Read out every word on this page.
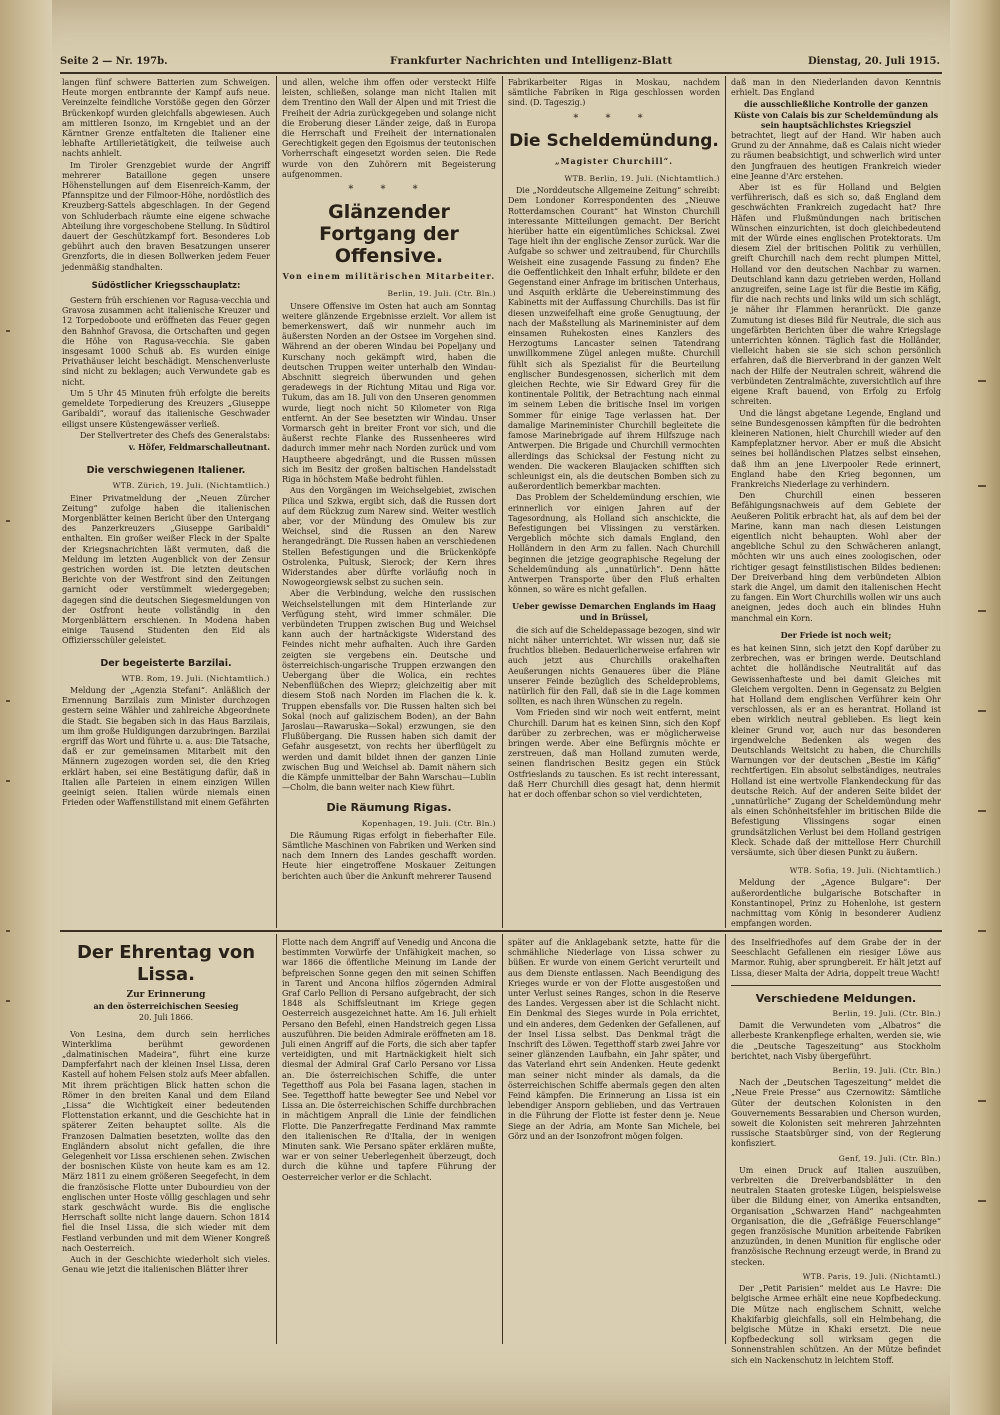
Seite 2 — Nr. 197b.	Frankfurter Nachrichten und Intelligenz-Blatt	Dienstag, 20. Juli 1915.

langen fünf schwere Batterien zum Schweigen. Heute morgen entbrannte der Kampf aufs neue. Vereinzelte feindliche Vorstöße gegen den Görzer Brückenkopf wurden gleichfalls abgewiesen. Auch am mittleren Isonzo, im Krngebiet und an der Kärntner Grenze entfalteten die Italiener eine lebhafte Artillerietätigkeit, die teilweise auch nachts anhielt.

Im Tiroler Grenzgebiet wurde der Angriff mehrerer Bataillone gegen unsere Höhenstellungen auf dem Eisenreich-Kamm, der Pfannspitze und der Filmoor-Höhe, nordöstlich des Kreuzberg-Sattels abgeschlagen. In der Gegend von Schluderbach räumte eine eigene schwache Abteilung ihre vorgeschobene Stellung. In Südtirol dauert der Geschützkampf fort. Besonderes Lob gebührt auch den braven Besatzungen unserer Grenzforts, die in diesen Bollwerken jedem Feuer jedenmäßig standhalten.

Südöstlicher Kriegsschauplatz:

Gestern früh erschienen vor Ragusa-vecchia und Gravosa zusammen acht italienische Kreuzer und 12 Torpedoboote und eröffneten das Feuer gegen den Bahnhof Gravosa, die Ortschaften und gegen die Höhe von Ragusa-vecchia. Sie gaben insgesamt 1000 Schuß ab. Es wurden einige Privathäuser leicht beschädigt. Menschenverluste sind nicht zu beklagen; auch Verwundete gab es nicht.

Um 5 Uhr 45 Minuten früh erfolgte die bereits gemeldete Torpedierung des Kreuzers „Giuseppe Garibaldi“, worauf das italienische Geschwader eiligst unsere Küstengewässer verließ.

Der Stellvertreter des Chefs des Generalstabs:

v. Höfer, Feldmarschalleutnant.

Die verschwiegenen Italiener.
WTB. Zürich, 19. Juli. (Nichtamtlich.)

Einer Privatmeldung der „Neuen Zürcher Zeitung“ zufolge haben die italienischen Morgenblätter keinen Bericht über den Untergang des Panzerkreuzers „Giuseppe Garibaldi“ enthalten. Ein großer weißer Fleck in der Spalte der Kriegsnachrichten läßt vermuten, daß die Meldung im letzten Augenblick von der Zensur gestrichen worden ist. Die letzten deutschen Berichte von der Westfront sind den Zeitungen garnicht oder verstümmelt wiedergegeben; dagegen sind die deutschen Siegesmeldungen von der Ostfront heute vollständig in den Morgenblättern erschienen. In Modena haben einige Tausend Studenten den Eid als Offiziersschüler geleistet.

Der begeisterte Barzilai.
WTB. Rom, 19. Juli. (Nichtamtlich.)

Meldung der „Agenzia Stefani“. Anläßlich der Ernennung Barzilais zum Minister durchzogen gestern seine Wähler und zahlreiche Abgeordnete die Stadt. Sie begaben sich in das Haus Barzilais, um ihm große Huldigungen darzubringen. Barzilai ergriff das Wort und führte u. a. aus: Die Tatsache, daß er zur gemeinsamen Mitarbeit mit den Männern zugezogen worden sei, die den Krieg erklärt haben, sei eine Bestätigung dafür, daß in Italien alle Parteien in einem einzigen Willen geeinigt seien. Italien würde niemals einen Frieden oder Waffenstillstand mit einem Gefährten

und allen, welche ihm offen oder versteckt Hilfe leisten, schließen, solange man nicht Italien mit dem Trentino den Wall der Alpen und mit Triest die Freiheit der Adria zurückgegeben und solange nicht die Eroberung dieser Länder zeige, daß in Europa die Herrschaft und Freiheit der internationalen Gerechtigkeit gegen den Egoismus der teutonischen Vorherrschaft eingesetzt worden seien. Die Rede wurde von den Zuhörern mit Begeisterung aufgenommen.

* * *
Glänzender Fortgang der Offensive.
Von einem militärischen Mitarbeiter.
Berlin, 19. Juli. (Ctr. Bln.)

Unsere Offensive im Osten hat auch am Sonntag weitere glänzende Ergebnisse erzielt. Vor allem ist bemerkenswert, daß wir nunmehr auch im äußersten Norden an der Ostsee im Vorgehen sind. Während an der oberen Windau bei Popeljany und Kurschany noch gekämpft wird, haben die deutschen Truppen weiter unterhalb den Windau-Abschnitt siegreich überwunden und gehen geradewegs in der Richtung Mitau und Riga vor. Tukum, das am 18. Juli von den Unseren genommen wurde, liegt noch nicht 50 Kilometer von Riga entfernt. An der See besetzten wir Windau. Unser Vormarsch geht in breiter Front vor sich, und die äußerst rechte Flanke des Russenheeres wird dadurch immer mehr nach Norden zurück und vom Hauptheere abgedrängt, und die Russen müssen sich im Besitz der großen baltischen Handelsstadt Riga in höchstem Maße bedroht fühlen.

Aus den Vorgängen im Weichselgebiet, zwischen Pilica und Szkwa, ergibt sich, daß die Russen dort auf dem Rückzug zum Narew sind. Weiter westlich aber, vor der Mündung des Omulew bis zur Weichsel, sind die Russen an den Narew herangedrängt. Die Russen haben an verschiedenen Stellen Befestigungen und die Brückenköpfe Ostrolenka, Pultusk, Sierock; der Kern ihres Widerstandes aber dürfte vorläufig noch in Nowogeorgiewsk selbst zu suchen sein.

Aber die Verbindung, welche den russischen Weichselstellungen mit dem Hinterlande zur Verfügung steht, wird immer schmäler. Die verbündeten Truppen zwischen Bug und Weichsel kann auch der hartnäckigste Widerstand des Feindes nicht mehr aufhalten. Auch ihre Garden zeigten sie vergebens ein. Deutsche und österreichisch-ungarische Truppen erzwangen den Uebergang über die Wolica, ein rechtes Nebenflüßchen des Wieprz; gleichzeitig aber mit diesem Stoß nach Norden im Flachen die k. k. Truppen ebensfalls vor. Die Russen halten sich bei Sokal (noch auf galizischem Boden), an der Bahn Jaroslau—Rawaruska—Sokal) erzwungen, sie den Flußübergang. Die Russen haben sich damit der Gefahr ausgesetzt, von rechts her überflügelt zu werden und damit bildet ihnen der ganzen Linie zwischen Bug und Weichsel ab. Damit nähern sich die Kämpfe unmittelbar der Bahn Warschau—Lublin—Cholm, die bann weiter nach Kiew führt.

Die Räumung Rigas.
Kopenhagen, 19. Juli. (Ctr. Bln.)

Die Räumung Rigas erfolgt in fieberhafter Eile. Sämtliche Maschinen von Fabriken und Werken sind nach dem Innern des Landes geschafft worden. Heute hier eingetroffene Moskauer Zeitungen berichten auch über die Ankunft mehrerer Tausend

Fabrikarbeiter Rigas in Moskau, nachdem sämtliche Fabriken in Riga geschlossen worden sind. (D. Tageszig.)

* * *
Die Scheldemündung.
„Magister Churchill“.
WTB. Berlin, 19. Juli. (Nichtamtlich.)

Die „Norddeutsche Allgemeine Zeitung“ schreibt: Dem Londoner Korrespondenten des „Nieuwe Rotterdamschen Courant“ hat Winston Churchill interessante Mitteilungen gemacht. Der Bericht hierüber hatte ein eigentümliches Schicksal. Zwei Tage hielt ihn der englische Zensor zurück. War die Aufgabe so schwer und zeitraubend, für Churchills Weisheit eine zusagende Fassung zu finden? Ehe die Oeffentlichkeit den Inhalt erfuhr, bildete er den Gegenstand einer Anfrage im britischen Unterhaus, und Asquith erklärte die Uebereinstimmung des Kabinetts mit der Auffassung Churchills. Das ist für diesen unzweifelhaft eine große Genugtuung, der nach der Maßstellung als Marineminister auf dem einsamen Ruhekosten eines Kanzlers des Herzogtums Lancaster seinen Tatendrang unwillkommene Zügel anlegen mußte. Churchill fühlt sich als Spezialist für die Beurteilung englischer Bundesgenossen, sicherlich mit dem gleichen Rechte, wie Sir Edward Grey für die kontinentale Politik, der Betrachtung nach einmal im seinem Leben die britische Insel im vorigen Sommer für einige Tage verlassen hat. Der damalige Marineminister Churchill begleitete die famose Marinebrigade auf ihrem Hilfszuge nach Antwerpen. Die Brigade und Churchill vermochten allerdings das Schicksal der Festung nicht zu wenden. Die wackeren Blaujacken schifften sich schleunigst ein, als die deutschen Bomben sich zu außerordentlich bemerkbar machten.

Das Problem der Scheldemündung erschien, wie erinnerlich vor einigen Jahren auf der Tagesordnung, als Holland sich anschickte, die Befestigungen bei Vlissingen zu verstärken. Vergeblich möchte sich damals England, den Holländern in den Arm zu fallen. Nach Churchill beginnen die jetzige geographische Regelung der Scheldemündung als „unnatürlich“. Denn hätte Antwerpen Transporte über den Fluß erhalten können, so wäre es nicht gefallen.

Ueber gewisse Demarchen Englands im Haag und in Brüssel,

die sich auf die Scheldepassage bezogen, sind wir nicht näher unterrichtet. Wir wissen nur, daß sie fruchtlos blieben. Bedauerlicherweise erfahren wir auch jetzt aus Churchills orakelhaften Aeußerungen nichts Genaueres über die Pläne unserer Feinde bezüglich des Scheldeproblems, natürlich für den Fall, daß sie in die Lage kommen sollten, es nach ihren Wünschen zu regeln.

Vom Frieden sind wir noch weit entfernt, meint Churchill. Darum hat es keinen Sinn, sich den Kopf darüber zu zerbrechen, was er möglicherweise bringen werde. Aber eine Befürgnis möchte er zerstreuen, daß man Holland zumuten werde, seinen flandrischen Besitz gegen ein Stück Ostfrieslands zu tauschen. Es ist recht interessant, daß Herr Churchill dies gesagt hat, denn hiermit hat er doch offenbar schon so viel verdichteten,

daß man in den Niederlanden davon Kenntnis erhielt. Das England

die ausschließliche Kontrolle der ganzen Küste von Calais bis zur Scheldemündung als sein hauptsächlichstes Kriegsziel

betrachtet, liegt auf der Hand. Wir haben auch Grund zu der Annahme, daß es Calais nicht wieder zu räumen beabsichtigt, und schwerlich wird unter den Jungfrauen des heutigen Frankreich wieder eine Jeanne d'Arc erstehen.

Aber ist es für Holland und Belgien verführerisch, daß es sich so, daß England dem geschwächten Frankreich zugedacht hat? Ihre Häfen und Flußmündungen nach britischen Wünschen einzurichten, ist doch gleichbedeutend mit der Würde eines englischen Protektorats. Um diesem Ziel der britischen Politik zu verhüllen, greift Churchill nach dem recht plumpen Mittel, Holland vor den deutschen Nachbar zu warnen. Deutschland kann dazu getrieben werden, Holland anzugreifen, seine Lage ist für die Bestie im Käfig, für die nach rechts und links wild um sich schlägt, je näher ihr Flammen heranrückt. Die ganze Zumutung ist dieses Bild für Neutrale, die sich aus ungefärbten Berichten über die wahre Kriegslage unterrichten können. Täglich fast die Holländer, vielleicht haben sie sie sich schon persönlich erfahren, daß die Bierverbrand in der ganzen Welt nach der Hilfe der Neutralen schreit, während die verbündeten Zentralmächte, zuversichtlich auf ihre eigene Kraft bauend, von Erfolg zu Erfolg schreiten.

Und die längst abgetane Legende, England und seine Bundesgenossen kämpften für die bedrohten kleineren Nationen, hielt Churchill wieder auf den Kampfeplatzner hervor. Aber er muß die Absicht seines bei holländischen Platzes selbst einsehen, daß ihm an jene Liverpooler Rede erinnert, England habe den Krieg begonnen, um Frankreichs Niederlage zu verhindern.

Den Churchill einen besseren Befähigungsnachweis auf dem Gebiete der Aeußeren Politik erbracht hat, als auf dem bei der Marine, kann man nach diesen Leistungen eigentlich nicht behaupten. Wohl aber der angebliche Schul zu den Schwächeren anlangt, möchten wir uns auch eines zoologischen, oder richtiger gesagt feinstilistischen Bildes bedienen: Der Dreiverband hing dem verbündeten Albion stark die Angel, um damit den italienischen Hecht zu fangen. Ein Wort Churchills wollen wir uns auch aneignen, jedes doch auch ein blindes Huhn manchmal ein Korn.

Der Friede ist noch weit;

es hat keinen Sinn, sich jetzt den Kopf darüber zu zerbrechen, was er bringen werde. Deutschland achtet die holländische Neutralität auf das Gewissenhafteste und bei damit Gleiches mit Gleichem vergolten. Denn in Gegensatz zu Belgien hat Holland dem englischen Verführer kein Ohr verschlossen, als er an es herantrat. Holland ist eben wirklich neutral geblieben. Es liegt kein kleiner Grund vor, auch nur das besonderen irgendwelche Bedenken als wegen des Deutschlands Weitsicht zu haben, die Churchills Warnungen vor der deutschen „Bestie im Käfig“ rechtfertigen. Ein absolut selbständiges, neutrales Holland ist eine wertvolle Flankendeckung für das deutsche Reich. Auf der anderen Seite bildet der „unnatürliche“ Zugang der Scheldemündung mehr als einen Schönheitsfehler im britischen Bilde die Befestigung Vlissingens sogar einen grundsätzlichen Verlust bei dem Holland gestrigen Kleck. Schade daß der mittellose Herr Churchill versäumte, sich über diesen Punkt zu äußern.

WTB. Sofia, 19. Juli. (Nichtamtlich.)

Meldung der „Agence Bulgare“: Der außerordentliche bulgarische Botschafter in Konstantinopel, Prinz zu Hohenlohe, ist gestern nachmittag vom König in besonderer Audienz empfangen worden.

Der Ehrentag von Lissa.
Zur Erinnerung
an den österreichischen Seesieg
20. Juli 1866.

Von Lesina, dem durch sein herrliches Winterklima berühmt gewordenen „dalmatinischen Madeira“, führt eine kurze Dampferfahrt nach der kleinen Insel Lissa, deren Kastell auf hohem Felsen stolz aufs Meer abfallen. Mit ihrem prächtigen Blick hatten schon die Römer in den breiten Kanal und dem Eiland „Lissa“ die Wichtigkeit einer bedeutenden Flottenstation erkannt, und die Geschichte hat in späterer Zeiten behauptet sollte. Als die Franzosen Dalmatien besetzten, wollte das den Engländern absolut nicht gefallen, die ihre Gelegenheit vor Lissa erschienen sehen. Zwischen der bosnischen Küste von heute kam es am 12. März 1811 zu einem größeren Seegefecht, in dem die französische Flotte unter Dubourdieu von der englischen unter Hoste völlig geschlagen und sehr stark geschwächt wurde. Bis die englische Herrschaft sollte nicht lange dauern. Schon 1814 fiel die Insel Lissa, die sich wieder mit dem Festland verbunden und mit dem Wiener Kongreß nach Oesterreich.

Auch in der Geschichte wiederholt sich vieles. Genau wie jetzt die italienischen Blätter ihrer

Flotte nach dem Angriff auf Venedig und Ancona die bestimmten Vorwürfe der Unfähigkeit machen, so war 1866 die öffentliche Meinung im Lande der befpreischen Sonne gegen den mit seinen Schiffen in Tarent und Ancona hilflos zögernden Admiral Graf Carlo Pellion di Persano aufgebracht, der sich 1848 als Schiffsleutnant im Kriege gegen Oesterreich ausgezeichnet hatte. Am 16. Juli erhielt Persano den Befehl, einen Handstreich gegen Lissa auszuführen. Die beiden Admirale eröffneten am 18. Juli einen Angriff auf die Forts, die sich aber tapfer verteidigten, und mit Hartnäckigkeit hielt sich diesmal der Admiral Graf Carlo Persano vor Lissa an. Die österreichischen Schiffe, die unter Tegetthoff aus Pola bei Fasana lagen, stachen in See. Tegetthoff hatte bewegter See und Nebel vor Lissa an. Die österreichischen Schiffe durchbrachen in mächtigem Anprall die Linie der feindlichen Flotte. Die Panzerfregatte Ferdinand Max rammte den italienischen Re d'Italia, der in wenigen Minuten sank. Wie Persano später erklären mußte, war er von seiner Ueberlegenheit überzeugt, doch durch die kühne und tapfere Führung der Oesterreicher verlor er die Schlacht.

später auf die Anklagebank setzte, hatte für die schmähliche Niederlage von Lissa schwer zu büßen. Er wurde von einem Gericht verurteilt und aus dem Dienste entlassen. Nach Beendigung des Krieges wurde er von der Flotte ausgestoßen und unter Verlust seines Ranges, schon in die Reserve des Landes. Vergessen aber ist die Schlacht nicht. Ein Denkmal des Sieges wurde in Pola errichtet, und ein anderes, dem Gedenken der Gefallenen, auf der Insel Lissa selbst. Das Denkmal trägt die Inschrift des Löwen. Tegetthoff starb zwei Jahre vor seiner glänzenden Laufbahn, ein Jahr später, und das Vaterland ehrt sein Andenken. Heute gedenkt man seiner nicht minder als damals, da die österreichischen Schiffe abermals gegen den alten Feind kämpfen. Die Erinnerung an Lissa ist ein lebendiger Ansporn geblieben, und das Vertrauen in die Führung der Flotte ist fester denn je. Neue Siege an der Adria, am Monte San Michele, bei Görz und an der Isonzofront mögen folgen.

des Inselfriedhofes auf dem Grabe der in der Seeschlacht Gefallenen ein riesiger Löwe aus Marmor. Ruhig, aber sprungbereit. Er hält jetzt auf Lissa, dieser Malta der Adria, doppelt treue Wacht!

Verschiedene Meldungen.
Berlin, 19. Juli. (Ctr. Bln.)

Damit die Verwundeten vom „Albatros“ die allerbeste Krankenpflege erhalten, werden sie, wie die „Deutsche Tageszeitung“ aus Stockholm berichtet, nach Visby übergeführt.

Berlin, 19. Juli. (Ctr. Bln.)

Nach der „Deutschen Tageszeitung“ meldet die „Neue Freie Presse“ aus Czernowitz: Sämtliche Güter der deutschen Kolonisten in den Gouvernements Bessarabien und Cherson wurden, soweit die Kolonisten seit mehreren Jahrzehnten russische Staatsbürger sind, von der Regierung konfisziert.

Genf, 19. Juli. (Ctr. Bln.)

Um einen Druck auf Italien auszuüben, verbreiten die Dreiverbandsblätter in den neutralen Staaten groteske Lügen, beispielsweise über die Bildung einer, von Amerika entsandten, Organisation „Schwarzen Hand“ nachgeahmten Organisation, die die „Gefräßige Feuerschlange“ gegen französische Munition arbeitende Fabriken anzuzünden, in denen Munition für englische oder französische Rechnung erzeugt werde, in Brand zu stecken.

WTB. Paris, 19. Juli. (Nichtamtl.)

Der „Petit Parisien“ meldet aus Le Havre: Die belgische Armee erhält eine neue Kopfbedeckung. Die Mütze nach englischem Schnitt, welche Khakifarbig gleichfalls, soll ein Helmbehang, die belgische Mütze in Khaki ersetzt. Die neue Kopfbedeckung soll wirksam gegen die Sonnenstrahlen schützen. An der Mütze befindet sich ein Nackenschutz in leichtem Stoff.
